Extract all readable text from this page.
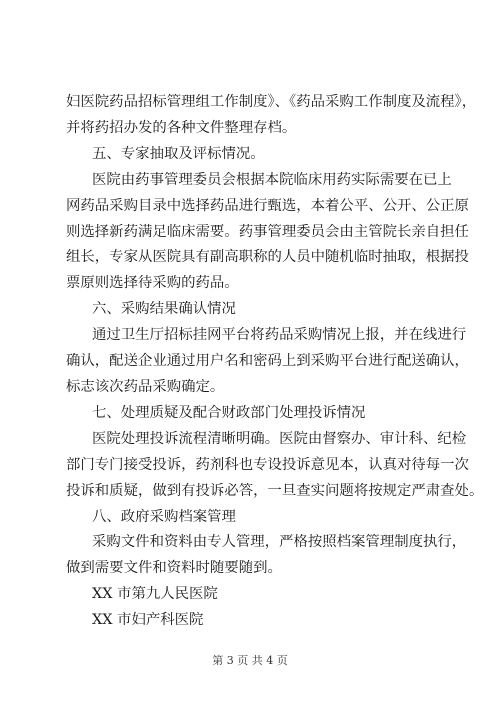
妇医院药品招标管理组工作制度》、《药品采购工作制度及流程》，
并将药招办发的各种文件整理存档。
五、专家抽取及评标情况。
医院由药事管理委员会根据本院临床用药实际需要在已上
网药品采购目录中选择药品进行甄选，本着公平、公开、公正原
则选择新药满足临床需要。药事管理委员会由主管院长亲自担任
组长，专家从医院具有副高职称的人员中随机临时抽取，根据投
票原则选择待采购的药品。
六、采购结果确认情况
通过卫生厅招标挂网平台将药品采购情况上报，并在线进行
确认，配送企业通过用户名和密码上到采购平台进行配送确认，
标志该次药品采购确定。
七、处理质疑及配合财政部门处理投诉情况
医院处理投诉流程清晰明确。医院由督察办、审计科、纪检
部门专门接受投诉，药剂科也专设投诉意见本，认真对待每一次
投诉和质疑，做到有投诉必答，一旦查实问题将按规定严肃查处。
八、政府采购档案管理
采购文件和资料由专人管理，严格按照档案管理制度执行，
做到需要文件和资料时随要随到。
XX 市第九人民医院
XX 市妇产科医院
第 3 页 共 4 页
